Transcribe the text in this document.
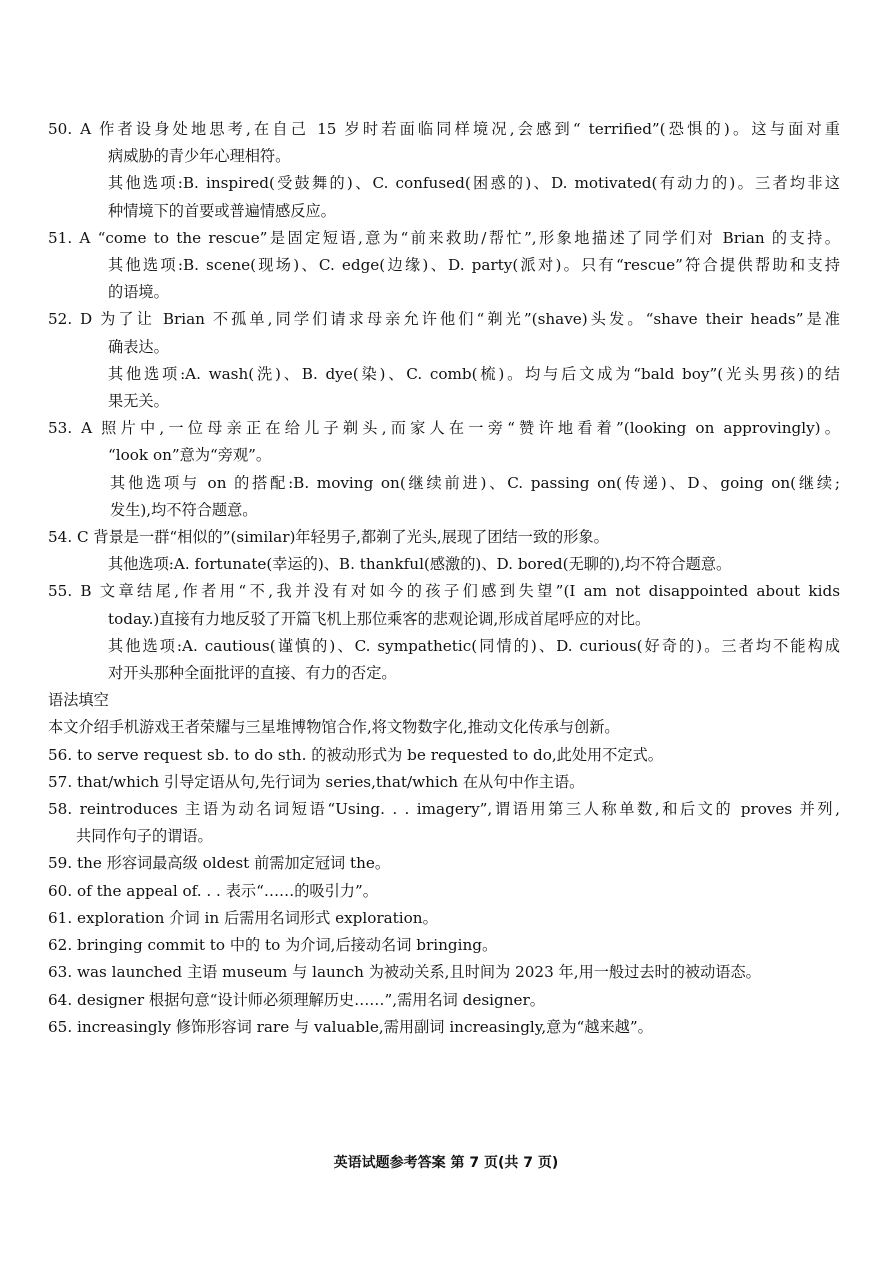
50. A 作者设身处地思考,在自己 15 岁时若面临同样境况,会感到“ terrified”(恐惧的)。这与面对重
病威胁的青少年心理相符。
其他选项:B. inspired(受鼓舞的)、C. confused(困惑的)、D. motivated(有动力的)。三者均非这
种情境下的首要或普遍情感反应。
51. A “come to the rescue”是固定短语,意为“前来救助/帮忙”,形象地描述了同学们对 Brian 的支持。
其他选项:B. scene(现场)、C. edge(边缘)、D. party(派对)。只有“rescue”符合提供帮助和支持
的语境。
52. D 为了让 Brian 不孤单,同学们请求母亲允许他们“剃光”(shave)头发。“shave their heads”是准
确表达。
其他选项:A. wash(洗)、B. dye(染)、C. comb(梳)。均与后文成为“bald boy”(光头男孩)的结
果无关。
53. A 照片中,一位母亲正在给儿子剃头,而家人在一旁“赞许地看着”(looking on approvingly)。
“look on”意为“旁观”。
其他选项与 on 的搭配:B. moving on(继续前进)、C. passing on(传递)、D、going on(继续;
发生),均不符合题意。
54. C 背景是一群“相似的”(similar)年轻男子,都剃了光头,展现了团结一致的形象。
其他选项:A. fortunate(幸运的)、B. thankful(感激的)、D. bored(无聊的),均不符合题意。
55. B 文章结尾,作者用“不,我并没有对如今的孩子们感到失望”(I am not disappointed about kids
today.)直接有力地反驳了开篇飞机上那位乘客的悲观论调,形成首尾呼应的对比。
其他选项:A. cautious(谨慎的)、C. sympathetic(同情的)、D. curious(好奇的)。三者均不能构成
对开头那种全面批评的直接、有力的否定。
语法填空
本文介绍手机游戏王者荣耀与三星堆博物馆合作,将文物数字化,推动文化传承与创新。
56. to serve request sb. to do sth. 的被动形式为 be requested to do,此处用不定式。
57. that/which 引导定语从句,先行词为 series,that/which 在从句中作主语。
58. reintroduces 主语为动名词短语“Using. . . imagery”,谓语用第三人称单数,和后文的 proves 并列,
共同作句子的谓语。
59. the 形容词最高级 oldest 前需加定冠词 the。
60. of the appeal of. . . 表示“……的吸引力”。
61. exploration 介词 in 后需用名词形式 exploration。
62. bringing commit to 中的 to 为介词,后接动名词 bringing。
63. was launched 主语 museum 与 launch 为被动关系,且时间为 2023 年,用一般过去时的被动语态。
64. designer 根据句意“设计师必须理解历史……”,需用名词 designer。
65. increasingly 修饰形容词 rare 与 valuable,需用副词 increasingly,意为“越来越”。
英语试题参考答案 第 7 页(共 7 页)
